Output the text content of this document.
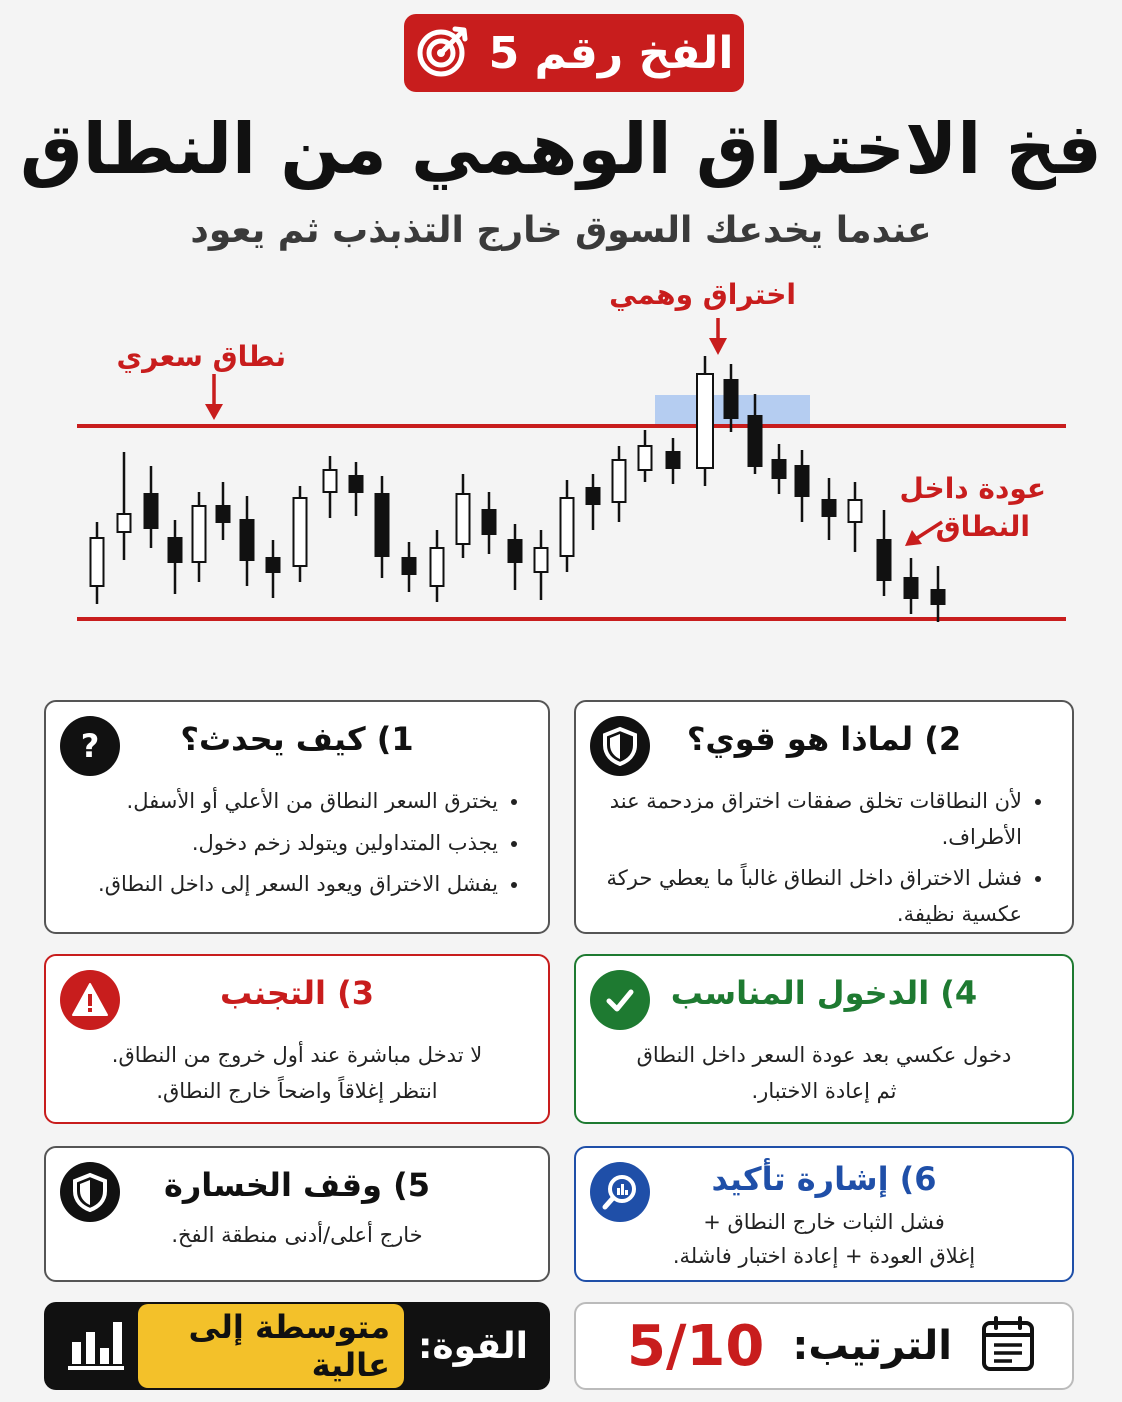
الفخ رقم 5
فخ الاختراق الوهمي من النطاق
عندما يخدعك السوق خارج التذبذب ثم يعود
نطاق سعري
اختراق وهمي
عودة داخل
النطاق
1) كيف يحدث؟
?
• يخترق السعر النطاق من الأعلي أو الأسفل.
• يجذب المتداولين ويتولد زخم دخول.
• يفشل الاختراق ويعود السعر إلى داخل النطاق.
2) لماذا هو قوي؟
• لأن النطاقات تخلق صفقات اختراق مزدحمة عند الأطراف.
• فشل الاختراق داخل النطاق غالباً ما يعطي حركة عكسية نظيفة.
3) التجنب

لا تدخل مباشرة عند أول خروج من النطاق.

انتظر إغلاقاً واضحاً خارج النطاق.

4) الدخول المناسب

دخول عكسي بعد عودة السعر داخل النطاق

ثم إعادة الاختبار.

5) وقف الخسارة

خارج أعلى/أدنى منطقة الفخ.

6) إشارة تأكيد

فشل الثبات خارج النطاق +

إغلاق العودة + إعادة اختبار فاشلة.

القوة:
متوسطة إلى عالية	الترتيب:
5/10
